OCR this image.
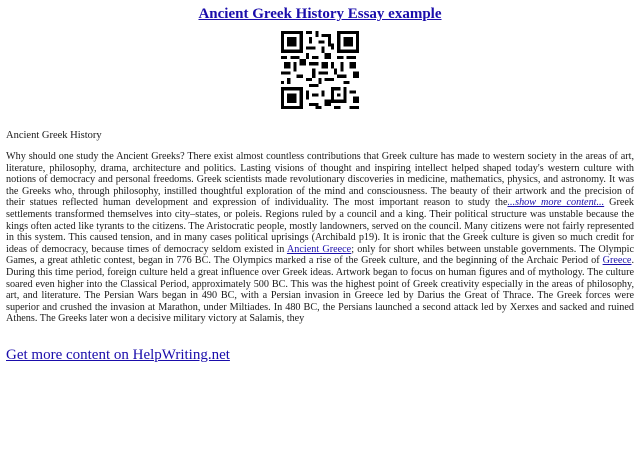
Ancient Greek History Essay example
Ancient Greek History
Why should one study the Ancient Greeks? There exist almost countless contributions that Greek culture has made to western society in the areas of art, literature, philosophy, drama, architecture and politics. Lasting visions of thought and inspiring intellect helped shaped today's western culture with notions of democracy and personal freedoms. Greek scientists made revolutionary discoveries in medicine, mathematics, physics, and astronomy. It was the Greeks who, through philosophy, instilled thoughtful exploration of the mind and consciousness. The beauty of their artwork and the precision of their statues reflected human development and expression of individuality. The most important reason to study the...show more content... Greek settlements transformed themselves into city–states, or poleis. Regions ruled by a council and a king. Their political structure was unstable because the kings often acted like tyrants to the citizens. The Aristocratic people, mostly landowners, served on the council. Many citizens were not fairly represented in this system. This caused tension, and in many cases political uprisings (Archibald p19). It is ironic that the Greek culture is given so much credit for ideas of democracy, because times of democracy seldom existed in Ancient Greece; only for short whiles between unstable governments. The Olympic Games, a great athletic contest, began in 776 BC. The Olympics marked a rise of the Greek culture, and the beginning of the Archaic Period of Greece. During this time period, foreign culture held a great influence over Greek ideas. Artwork began to focus on human figures and of mythology. The culture soared even higher into the Classical Period, approximately 500 BC. This was the highest point of Greek creativity especially in the areas of philosophy, art, and literature. The Persian Wars began in 490 BC, with a Persian invasion in Greece led by Darius the Great of Thrace. The Greek forces were superior and crushed the invasion at Marathon, under Miltiades. In 480 BC, the Persians launched a second attack led by Xerxes and sacked and ruined Athens. The Greeks later won a decisive military victory at Salamis, they
Get more content on HelpWriting.net
